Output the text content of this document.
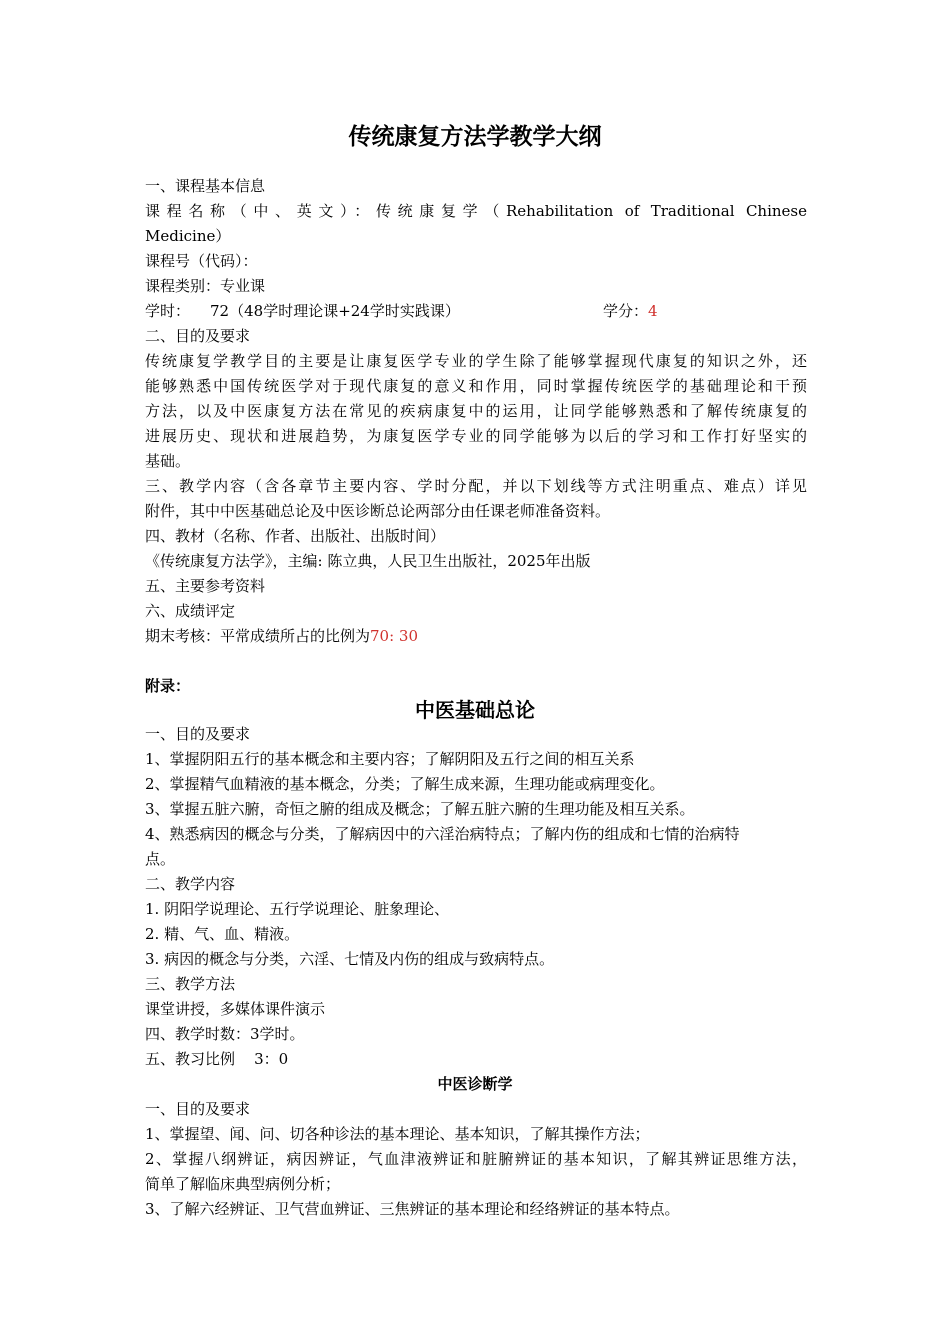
传统康复方法学教学大纲
一、课程基本信息
课程名称（中、英文）：传统康复学（Rehabilitation of Traditional Chinese
Medicine）
课程号（代码）：
课程类别：专业课
学时： 72（48学时理论课+24学时实践课）	学分：4
二、目的及要求
传统康复学教学目的主要是让康复医学专业的学生除了能够掌握现代康复的知识之外，还
能够熟悉中国传统医学对于现代康复的意义和作用，同时掌握传统医学的基础理论和干预
方法，以及中医康复方法在常见的疾病康复中的运用，让同学能够熟悉和了解传统康复的
进展历史、现状和进展趋势，为康复医学专业的同学能够为以后的学习和工作打好坚实的
基础。
三、教学内容（含各章节主要内容、学时分配，并以下划线等方式注明重点、难点）详见
附件，其中中医基础总论及中医诊断总论两部分由任课老师准备资料。
四、教材（名称、作者、出版社、出版时间）
《传统康复方法学》，主编: 陈立典，人民卫生出版社，2025年出版
五、主要参考资料
六、成绩评定
期末考核：平常成绩所占的比例为70: 30
附录：
中医基础总论
一、目的及要求
1、掌握阴阳五行的基本概念和主要内容；了解阴阳及五行之间的相互关系
2、掌握精气血精液的基本概念，分类；了解生成来源，生理功能或病理变化。
3、掌握五脏六腑，奇恒之腑的组成及概念；了解五脏六腑的生理功能及相互关系。
4、熟悉病因的概念与分类，了解病因中的六淫治病特点；了解内伤的组成和七情的治病特
点。
二、教学内容
1. 阴阳学说理论、五行学说理论、脏象理论、
2. 精、气、血、精液。
3. 病因的概念与分类，六淫、七情及内伤的组成与致病特点。
三、教学方法
课堂讲授，多媒体课件演示
四、教学时数：3学时。
五、教习比例    3：0
中医诊断学
一、目的及要求
1、掌握望、闻、问、切各种诊法的基本理论、基本知识，了解其操作方法；
2、掌握八纲辨证，病因辨证，气血津液辨证和脏腑辨证的基本知识，了解其辨证思维方法，
简单了解临床典型病例分析；
3、了解六经辨证、卫气营血辨证、三焦辨证的基本理论和经络辨证的基本特点。
